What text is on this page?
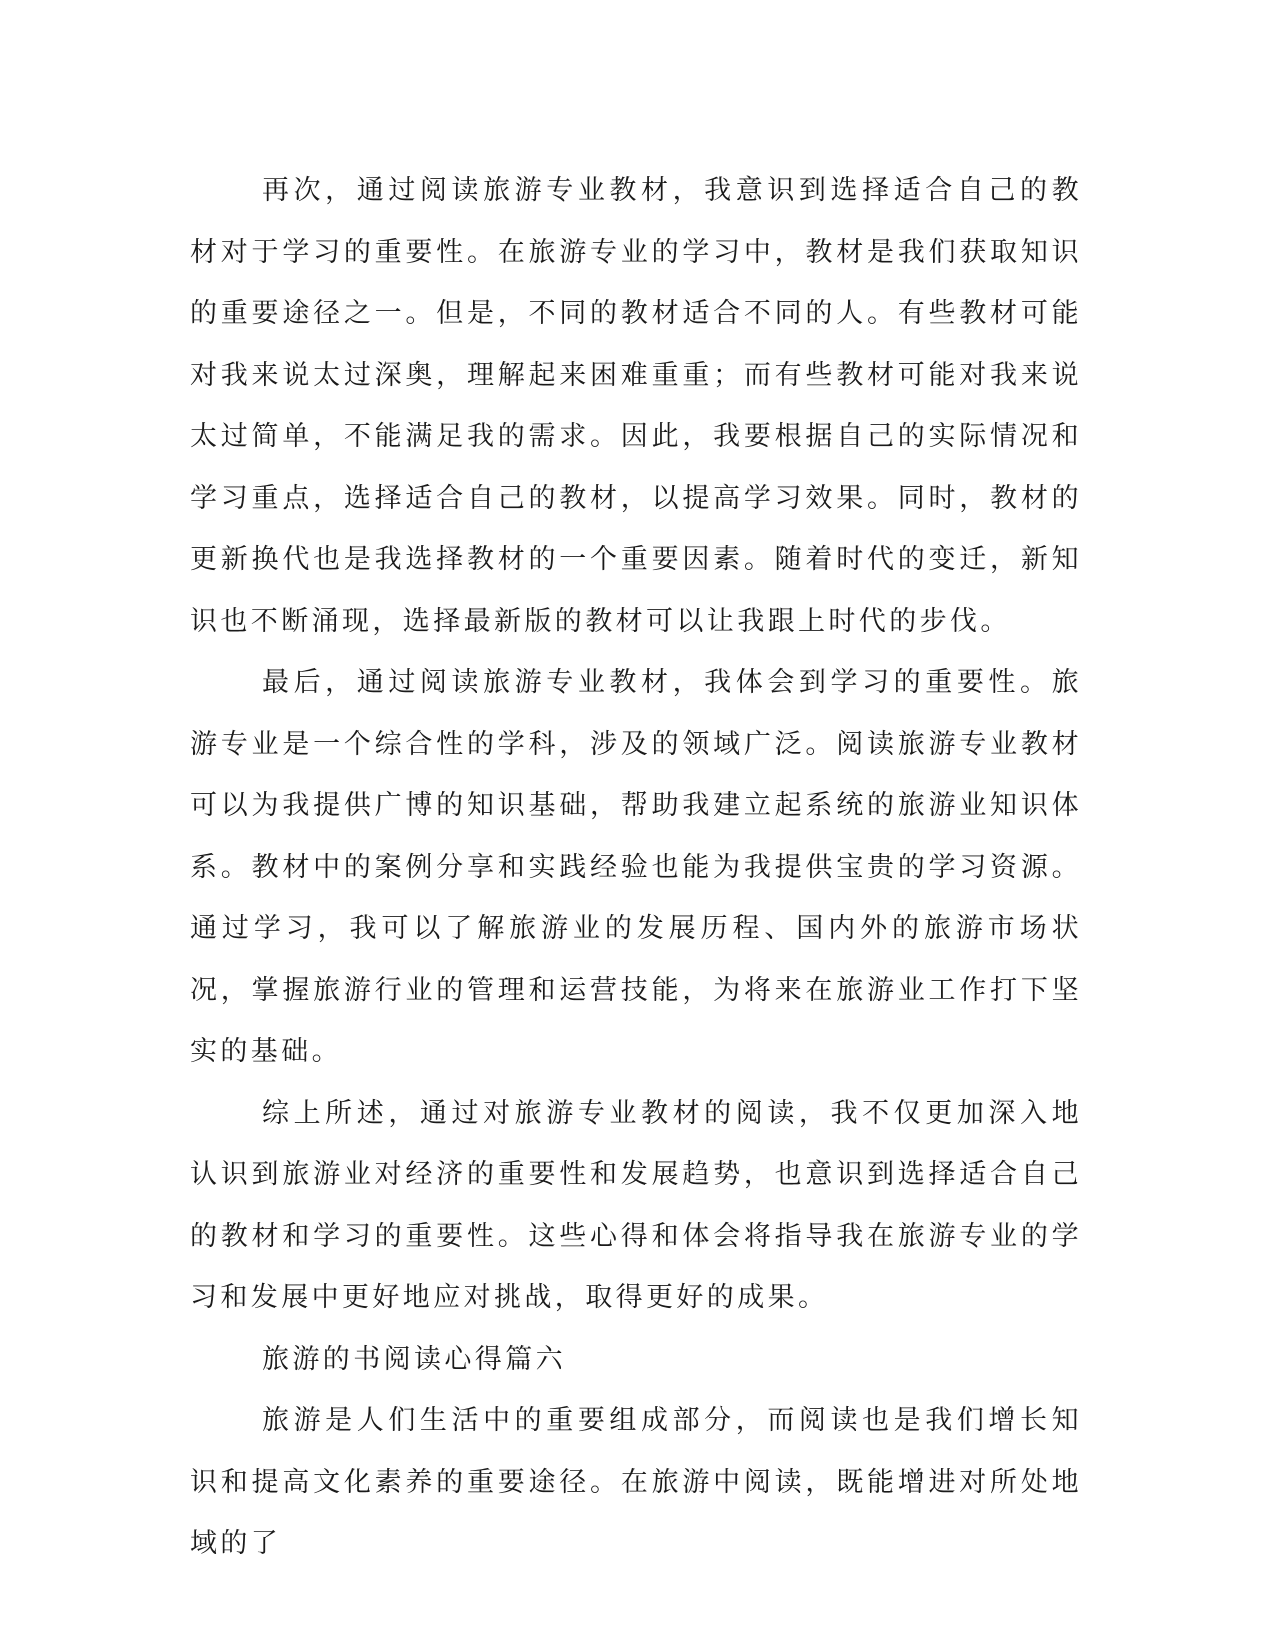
再次，通过阅读旅游专业教材，我意识到选择适合自己的教材对于学习的重要性。在旅游专业的学习中，教材是我们获取知识的重要途径之一。但是，不同的教材适合不同的人。有些教材可能对我来说太过深奥，理解起来困难重重；而有些教材可能对我来说太过简单，不能满足我的需求。因此，我要根据自己的实际情况和学习重点，选择适合自己的教材，以提高学习效果。同时，教材的更新换代也是我选择教材的一个重要因素。随着时代的变迁，新知识也不断涌现，选择最新版的教材可以让我跟上时代的步伐。

最后，通过阅读旅游专业教材，我体会到学习的重要性。旅游专业是一个综合性的学科，涉及的领域广泛。阅读旅游专业教材可以为我提供广博的知识基础，帮助我建立起系统的旅游业知识体系。教材中的案例分享和实践经验也能为我提供宝贵的学习资源。通过学习，我可以了解旅游业的发展历程、国内外的旅游市场状况，掌握旅游行业的管理和运营技能，为将来在旅游业工作打下坚实的基础。

综上所述，通过对旅游专业教材的阅读，我不仅更加深入地认识到旅游业对经济的重要性和发展趋势，也意识到选择适合自己的教材和学习的重要性。这些心得和体会将指导我在旅游专业的学习和发展中更好地应对挑战，取得更好的成果。

旅游的书阅读心得篇六

旅游是人们生活中的重要组成部分，而阅读也是我们增长知识和提高文化素养的重要途径。在旅游中阅读，既能增进对所处地域的了
